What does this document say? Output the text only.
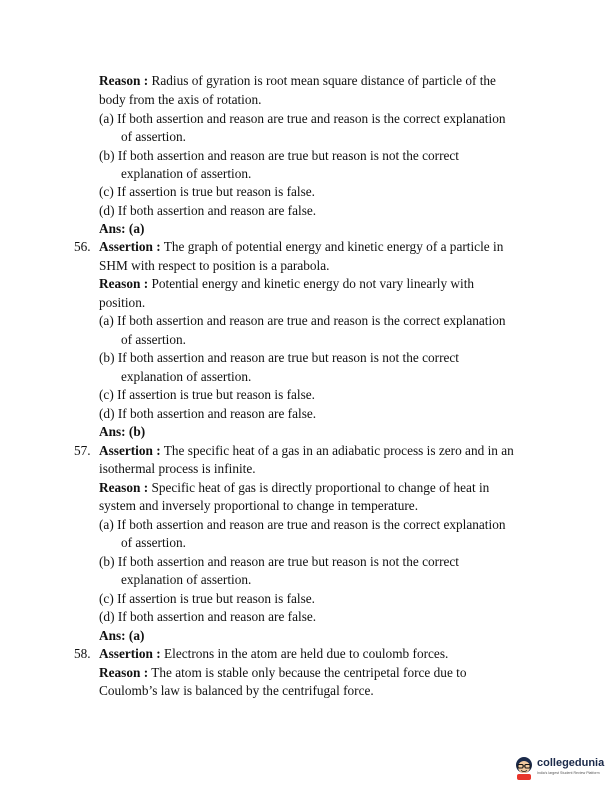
Reason : Radius of gyration is root mean square distance of particle of the
body from the axis of rotation.
(a) If both assertion and reason are true and reason is the correct explanation
of assertion.
(b) If both assertion and reason are true but reason is not the correct
explanation of assertion.
(c) If assertion is true but reason is false.
(d) If both assertion and reason are false.
Ans: (a)
56. Assertion : The graph of potential energy and kinetic energy of a particle in
SHM with respect to position is a parabola.
Reason : Potential energy and kinetic energy do not vary linearly with
position.
(a) If both assertion and reason are true and reason is the correct explanation
of assertion.
(b) If both assertion and reason are true but reason is not the correct
explanation of assertion.
(c) If assertion is true but reason is false.
(d) If both assertion and reason are false.
Ans: (b)
57. Assertion : The specific heat of a gas in an adiabatic process is zero and in an
isothermal process is infinite.
Reason : Specific heat of gas is directly proportional to change of heat in
system and inversely proportional to change in temperature.
(a) If both assertion and reason are true and reason is the correct explanation
of assertion.
(b) If both assertion and reason are true but reason is not the correct
explanation of assertion.
(c) If assertion is true but reason is false.
(d) If both assertion and reason are false.
Ans: (a)
58. Assertion : Electrons in the atom are held due to coulomb forces.
Reason : The atom is stable only because the centripetal force due to
Coulomb’s law is balanced by the centrifugal force.
collegedunia
India's largest Student Review Platform
